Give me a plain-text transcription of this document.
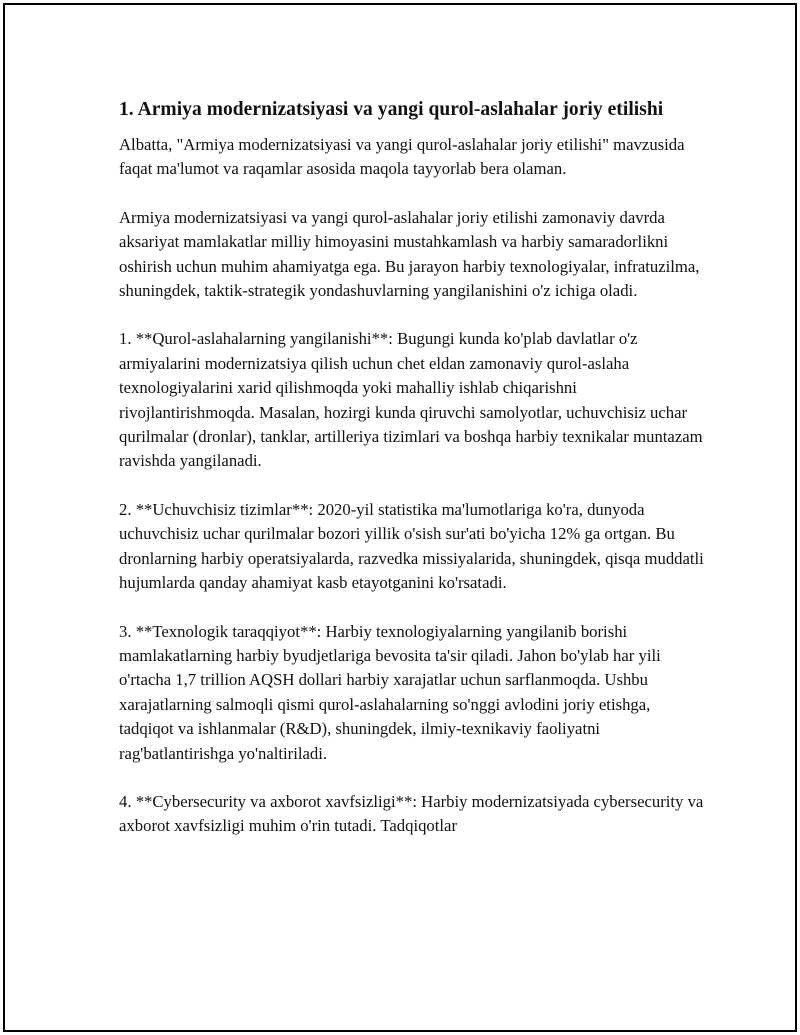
1. Armiya modernizatsiyasi va yangi qurol-aslahalar joriy etilishi

Albatta, "Armiya modernizatsiyasi va yangi qurol-aslahalar joriy etilishi" mavzusida faqat ma'lumot va raqamlar asosida maqola tayyorlab bera olaman.

Armiya modernizatsiyasi va yangi qurol-aslahalar joriy etilishi zamonaviy davrda aksariyat mamlakatlar milliy himoyasini mustahkamlash va harbiy samaradorlikni oshirish uchun muhim ahamiyatga ega. Bu jarayon harbiy texnologiyalar, infratuzilma, shuningdek, taktik-strategik yondashuvlarning yangilanishini o'z ichiga oladi.

1. **Qurol-aslahalarning yangilanishi**: Bugungi kunda ko'plab davlatlar o'z armiyalarini modernizatsiya qilish uchun chet eldan zamonaviy qurol-aslaha texnologiyalarini xarid qilishmoqda yoki mahalliy ishlab chiqarishni rivojlantirishmoqda. Masalan, hozirgi kunda qiruvchi samolyotlar, uchuvchisiz uchar qurilmalar (dronlar), tanklar, artilleriya tizimlari va boshqa harbiy texnikalar muntazam ravishda yangilanadi.

2. **Uchuvchisiz tizimlar**: 2020-yil statistika ma'lumotlariga ko'ra, dunyoda uchuvchisiz uchar qurilmalar bozori yillik o'sish sur'ati bo'yicha 12% ga ortgan. Bu dronlarning harbiy operatsiyalarda, razvedka missiyalarida, shuningdek, qisqa muddatli hujumlarda qanday ahamiyat kasb etayotganini ko'rsatadi.

3. **Texnologik taraqqiyot**: Harbiy texnologiyalarning yangilanib borishi mamlakatlarning harbiy byudjetlariga bevosita ta'sir qiladi. Jahon bo'ylab har yili o'rtacha 1,7 trillion AQSH dollari harbiy xarajatlar uchun sarflanmoqda. Ushbu xarajatlarning salmoqli qismi qurol-aslahalarning so'nggi avlodini joriy etishga, tadqiqot va ishlanmalar (R&D), shuningdek, ilmiy-texnikaviy faoliyatni rag'batlantirishga yo'naltiriladi.

4. **Cybersecurity va axborot xavfsizligi**: Harbiy modernizatsiyada cybersecurity va axborot xavfsizligi muhim o'rin tutadi. Tadqiqotlar
